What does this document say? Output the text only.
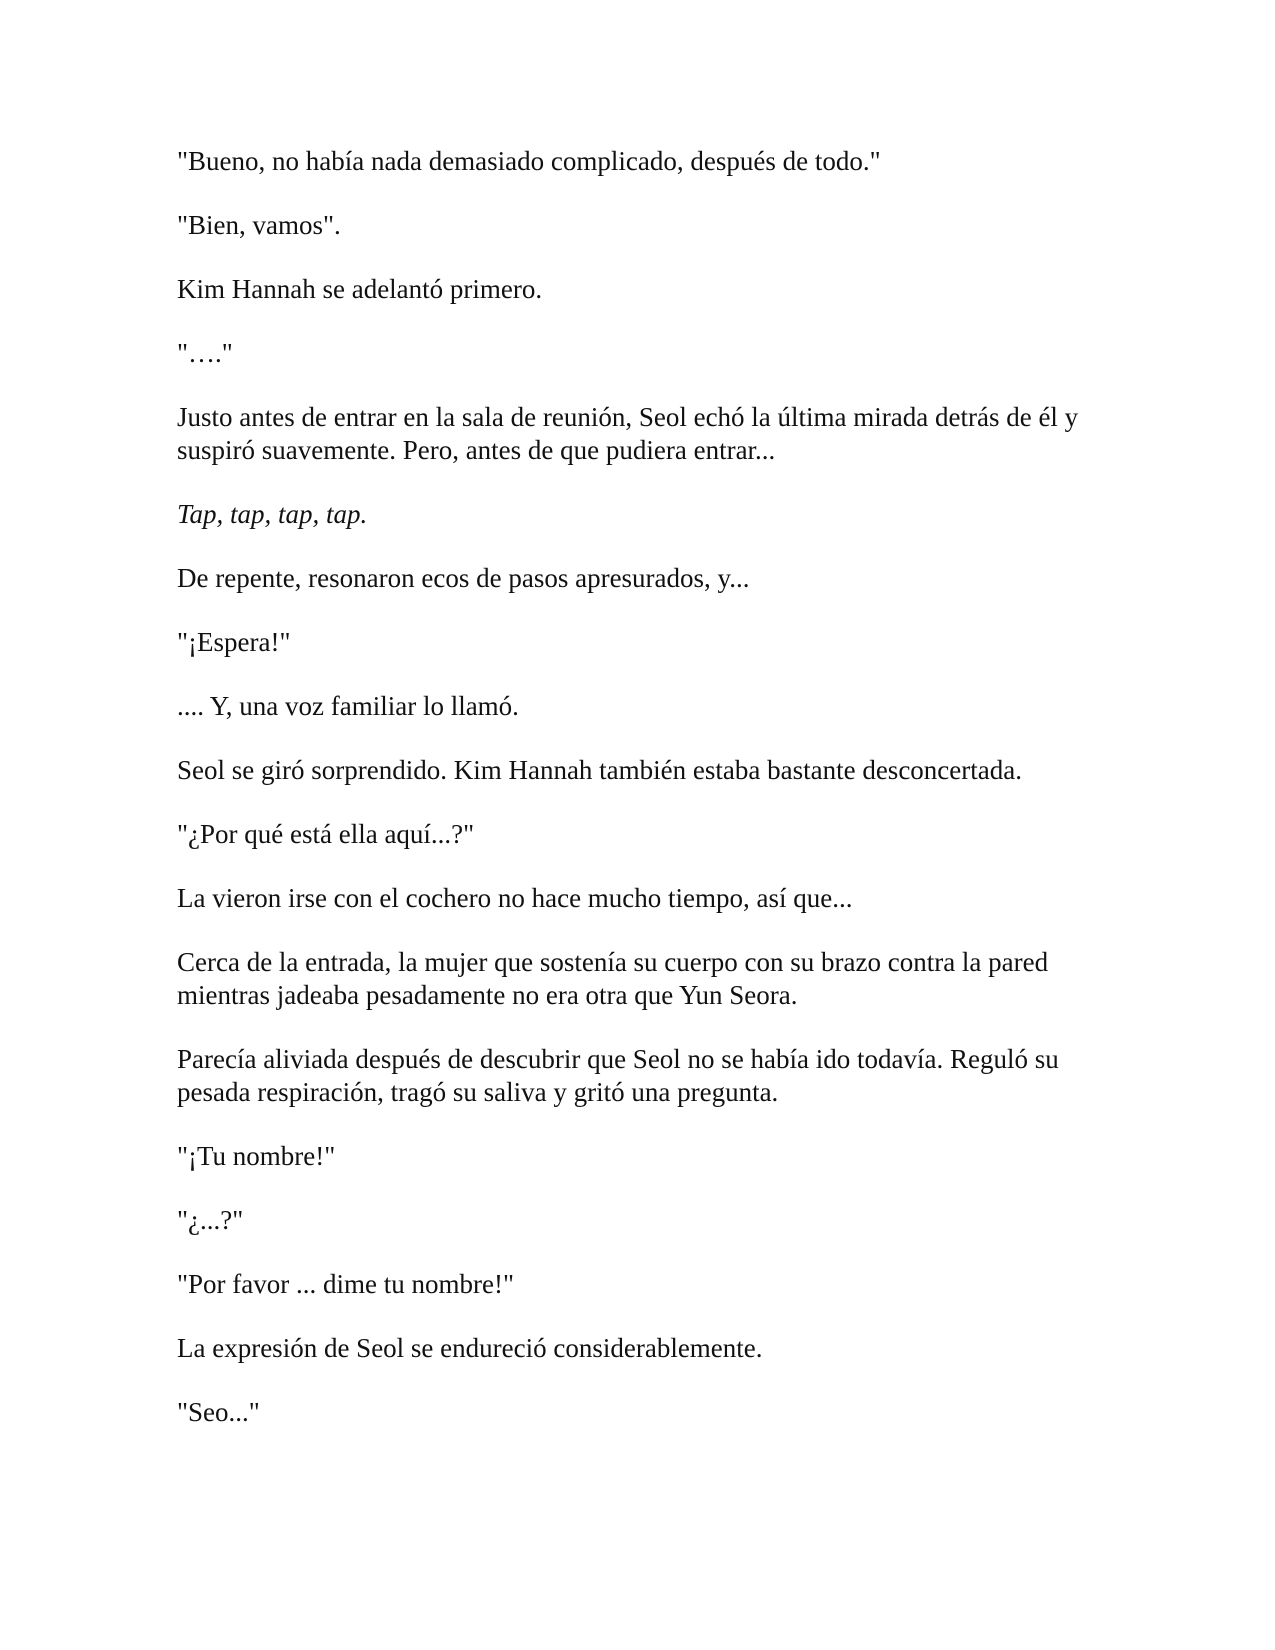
"Bueno, no había nada demasiado complicado, después de todo."

"Bien, vamos".

Kim Hannah se adelantó primero.

"…."

Justo antes de entrar en la sala de reunión, Seol echó la última mirada detrás de él y suspiró suavemente. Pero, antes de que pudiera entrar...

Tap, tap, tap, tap.

De repente, resonaron ecos de pasos apresurados, y...

"¡Espera!"

.... Y, una voz familiar lo llamó.

Seol se giró sorprendido. Kim Hannah también estaba bastante desconcertada.

"¿Por qué está ella aquí...?"

La vieron irse con el cochero no hace mucho tiempo, así que...

Cerca de la entrada, la mujer que sostenía su cuerpo con su brazo contra la pared mientras jadeaba pesadamente no era otra que Yun Seora.

Parecía aliviada después de descubrir que Seol no se había ido todavía. Reguló su pesada respiración, tragó su saliva y gritó una pregunta.

"¡Tu nombre!"

"¿...?"

"Por favor ... dime tu nombre!"

La expresión de Seol se endureció considerablemente.

"Seo..."
